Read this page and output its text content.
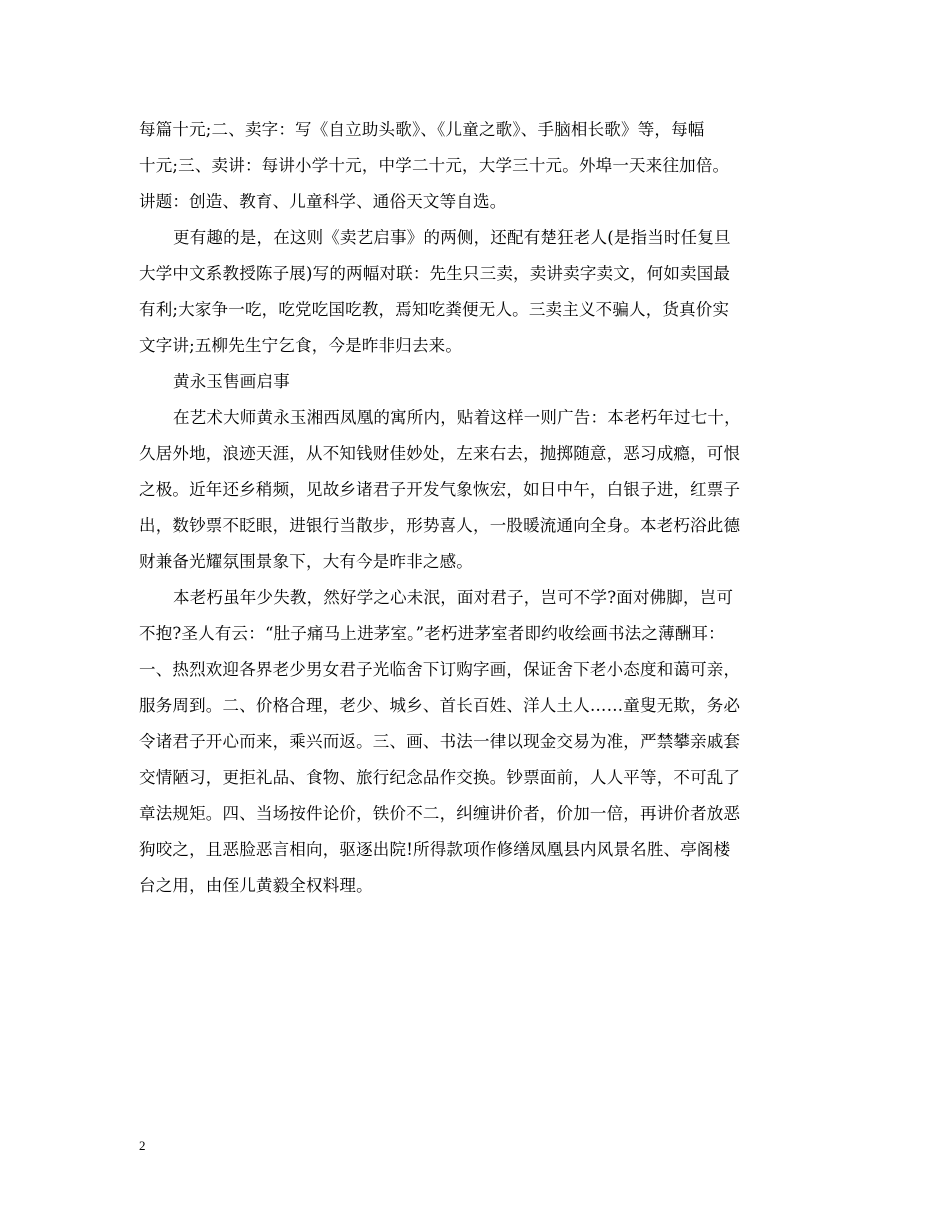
每篇十元;二、卖字：写《自立助头歌》、《儿童之歌》、手脑相长歌》等，每幅
十元;三、卖讲：每讲小学十元，中学二十元，大学三十元。外埠一天来往加倍。
讲题：创造、教育、儿童科学、通俗天文等自选。
更有趣的是，在这则《卖艺启事》的两侧，还配有楚狂老人(是指当时任复旦
大学中文系教授陈子展)写的两幅对联：先生只三卖，卖讲卖字卖文，何如卖国最
有利;大家争一吃，吃党吃国吃教，焉知吃粪便无人。三卖主义不骗人，货真价实
文字讲;五柳先生宁乞食，今是昨非归去来。
黄永玉售画启事
在艺术大师黄永玉湘西凤凰的寓所内，贴着这样一则广告：本老朽年过七十，
久居外地，浪迹天涯，从不知钱财佳妙处，左来右去，抛掷随意，恶习成瘾，可恨
之极。近年还乡稍频，见故乡诸君子开发气象恢宏，如日中午，白银子进，红票子
出，数钞票不眨眼，进银行当散步，形势喜人，一股暖流通向全身。本老朽浴此德
财兼备光耀氛围景象下，大有今是昨非之感。
本老朽虽年少失教，然好学之心未泯，面对君子，岂可不学?面对佛脚，岂可
不抱?圣人有云：“肚子痛马上进茅室。”老朽进茅室者即约收绘画书法之薄酬耳：
一、热烈欢迎各界老少男女君子光临舍下订购字画，保证舍下老小态度和蔼可亲，
服务周到。二、价格合理，老少、城乡、首长百姓、洋人土人……童叟无欺，务必
令诸君子开心而来，乘兴而返。三、画、书法一律以现金交易为准，严禁攀亲戚套
交情陋习，更拒礼品、食物、旅行纪念品作交换。钞票面前，人人平等，不可乱了
章法规矩。四、当场按件论价，铁价不二，纠缠讲价者，价加一倍，再讲价者放恶
狗咬之，且恶脸恶言相向，驱逐出院!所得款项作修缮凤凰县内风景名胜、亭阁楼
台之用，由侄儿黄毅全权料理。
2
